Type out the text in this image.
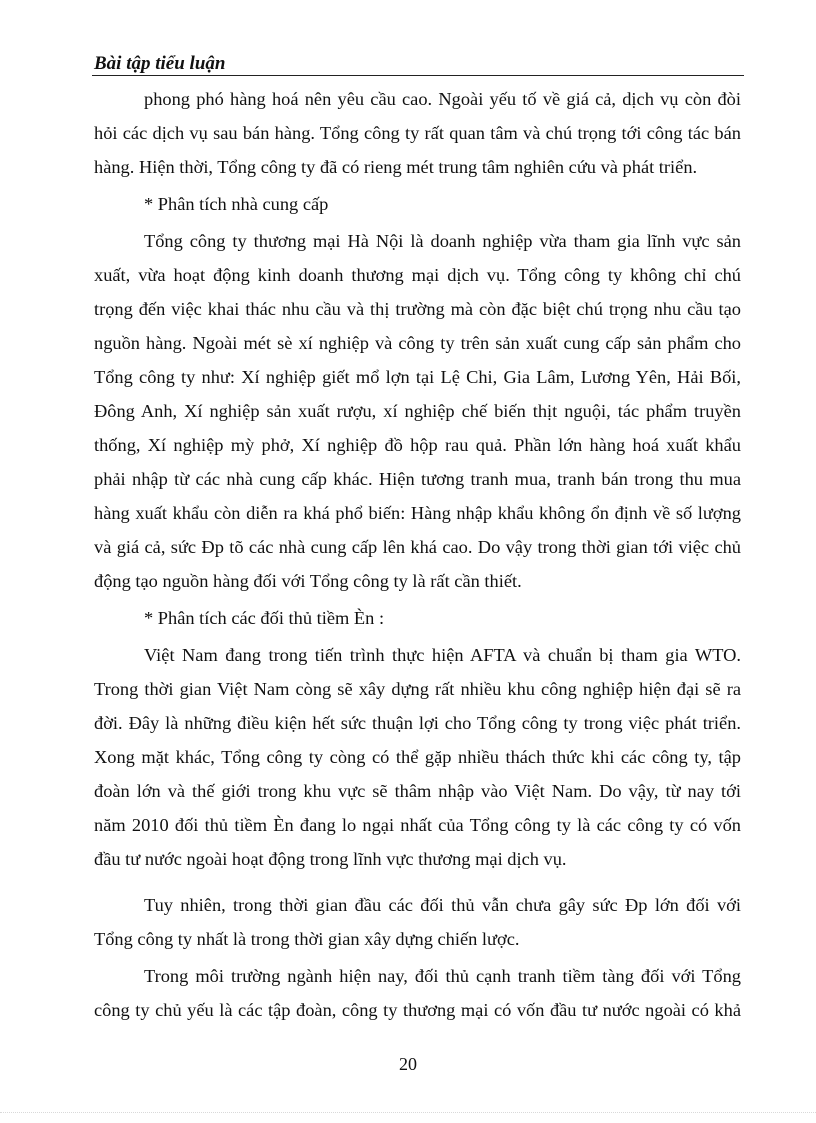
Bài tập tiểu luận
phong phó hàng hoá nên yêu cầu cao. Ngoài yếu tố về giá cả, dịch vụ còn đòi
hỏi các dịch vụ sau bán hàng. Tổng công ty rất quan tâm và chú trọng tới công tác bán
hàng. Hiện thời, Tổng công ty đã có rieng mét trung tâm nghiên cứu và phát triển.
* Phân tích nhà cung cấp
Tổng công ty thương mại Hà Nội là doanh nghiệp vừa tham gia lĩnh vực sản
xuất, vừa hoạt động kinh doanh thương mại dịch vụ. Tổng công ty không chỉ chú
trọng đến việc khai thác nhu cầu và thị trường mà còn đặc biệt chú trọng nhu cầu tạo
nguồn hàng. Ngoài mét sè xí nghiệp và công ty trên sản xuất cung cấp sản phẩm cho
Tổng công ty như: Xí nghiệp giết mổ lợn tại Lệ Chi, Gia Lâm, Lương Yên, Hải Bối,
Đông Anh, Xí nghiệp sản xuất rượu, xí nghiệp chế biến thịt nguội, tác phẩm truyền
thống, Xí nghiệp mỳ phở, Xí nghiệp đồ hộp rau quả. Phần lớn hàng hoá xuất khẩu
phải nhập từ các nhà cung cấp khác. Hiện tương tranh mua, tranh bán trong thu mua
hàng xuất khẩu còn diễn ra khá phổ biến: Hàng nhập khẩu không ổn định về số lượng
và giá cả, sức Ðp tõ các nhà cung cấp lên khá cao. Do vậy trong thời gian tới việc chủ
động tạo nguồn hàng đối với Tổng công ty là rất cần thiết.
* Phân tích các đối thủ tiềm Èn :
Việt Nam đang trong tiến trình thực hiện AFTA và chuẩn bị tham gia WTO.
Trong thời gian Việt Nam còng sẽ xây dựng rất nhiều khu công nghiệp hiện đại sẽ ra
đời. Đây là những điều kiện hết sức thuận lợi cho Tổng công ty trong việc phát triển.
Xong mặt khác, Tổng công ty còng có thể gặp nhiều thách thức khi các công ty, tập
đoàn lớn và thế giới trong khu vực sẽ thâm nhập vào Việt Nam. Do vậy, từ nay tới
năm 2010 đối thủ tiềm Èn đang lo ngại nhất của Tổng công ty là các công ty có vốn
đầu tư nước ngoài hoạt động trong lĩnh vực thương mại dịch vụ.
Tuy nhiên, trong thời gian đầu các đối thủ vẫn chưa gây sức Ðp lớn đối với
Tổng công ty nhất là trong thời gian xây dựng chiến lược.
Trong môi trường ngành hiện nay, đối thủ cạnh tranh tiềm tàng đối với Tổng
công ty chủ yếu là các tập đoàn, công ty thương mại có vốn đầu tư nước ngoài có khả
20
